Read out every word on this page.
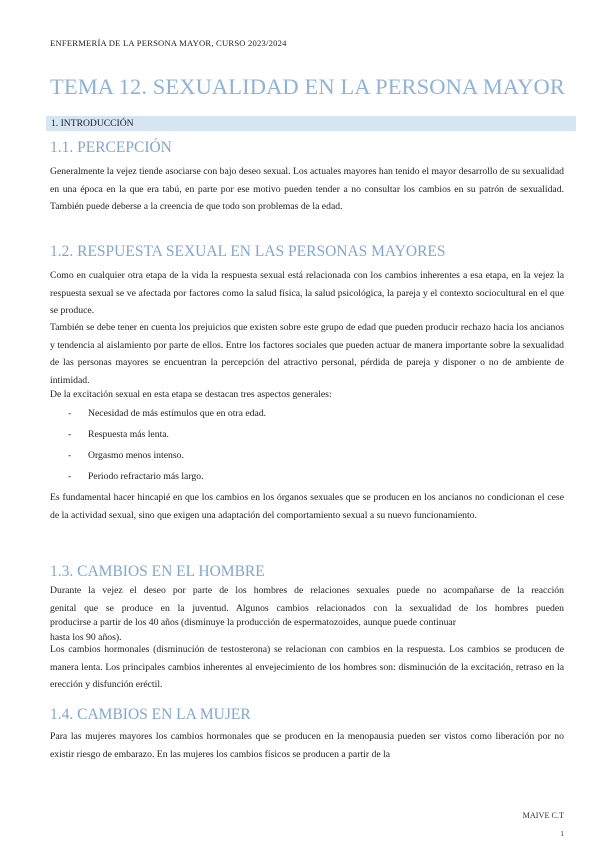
ENFERMERÍA DE LA PERSONA MAYOR, CURSO 2023/2024
TEMA 12. SEXUALIDAD EN LA PERSONA MAYOR
1. INTRODUCCIÓN
1.1. PERCEPCIÓN

Generalmente la vejez tiende asociarse con bajo deseo sexual. Los actuales mayores han tenido el mayor desarrollo de su sexualidad en una época en la que era tabú, en parte por ese motivo pueden tender a no consultar los cambios en su patrón de sexualidad. También puede deberse a la creencia de que todo son problemas de la edad.

1.2. RESPUESTA SEXUAL EN LAS PERSONAS MAYORES

Como en cualquier otra etapa de la vida la respuesta sexual está relacionada con los cambios inherentes a esa etapa, en la vejez la respuesta sexual se ve afectada por factores como la salud física, la salud psicológica, la pareja y el contexto sociocultural en el que se produce.

También se debe tener en cuenta los prejuicios que existen sobre este grupo de edad que pueden producir rechazo hacia los ancianos y tendencia al aislamiento por parte de ellos. Entre los factores sociales que pueden actuar de manera importante sobre la sexualidad de las personas mayores se encuentran la percepción del atractivo personal, pérdida de pareja y disponer o no de ambiente de intimidad.

De la excitación sexual en esta etapa se destacan tres aspectos generales:

- Necesidad de más estímulos que en otra edad.
- Respuesta más lenta.
- Orgasmo menos intenso.
- Periodo refractario más largo.

Es fundamental hacer hincapié en que los cambios en los órganos sexuales que se producen en los ancianos no condicionan el cese de la actividad sexual, sino que exigen una adaptación del comportamiento sexual a su nuevo funcionamiento.

1.3. CAMBIOS EN EL HOMBRE
Durante la vejez el deseo por parte de los hombres de relaciones sexuales puede no acompañarse de la reacción
genital que se produce en la juventud. Algunos cambios relacionados con la sexualidad de los hombres pueden
producirse a partir de los 40 años (disminuye la producción de espermatozoides, aunque puede continuar
hasta los 90 años).

Los cambios hormonales (disminución de testosterona) se relacionan con cambios en la respuesta. Los cambios se producen de manera lenta. Los principales cambios inherentes al envejecimiento de los hombres son: disminución de la excitación, retraso en la erección y disfunción eréctil.

1.4. CAMBIOS EN LA MUJER

Para las mujeres mayores los cambios hormonales que se producen en la menopausia pueden ser vistos como liberación por no existir riesgo de embarazo. En las mujeres los cambios físicos se producen a partir de la

MAIVE C.T
1
